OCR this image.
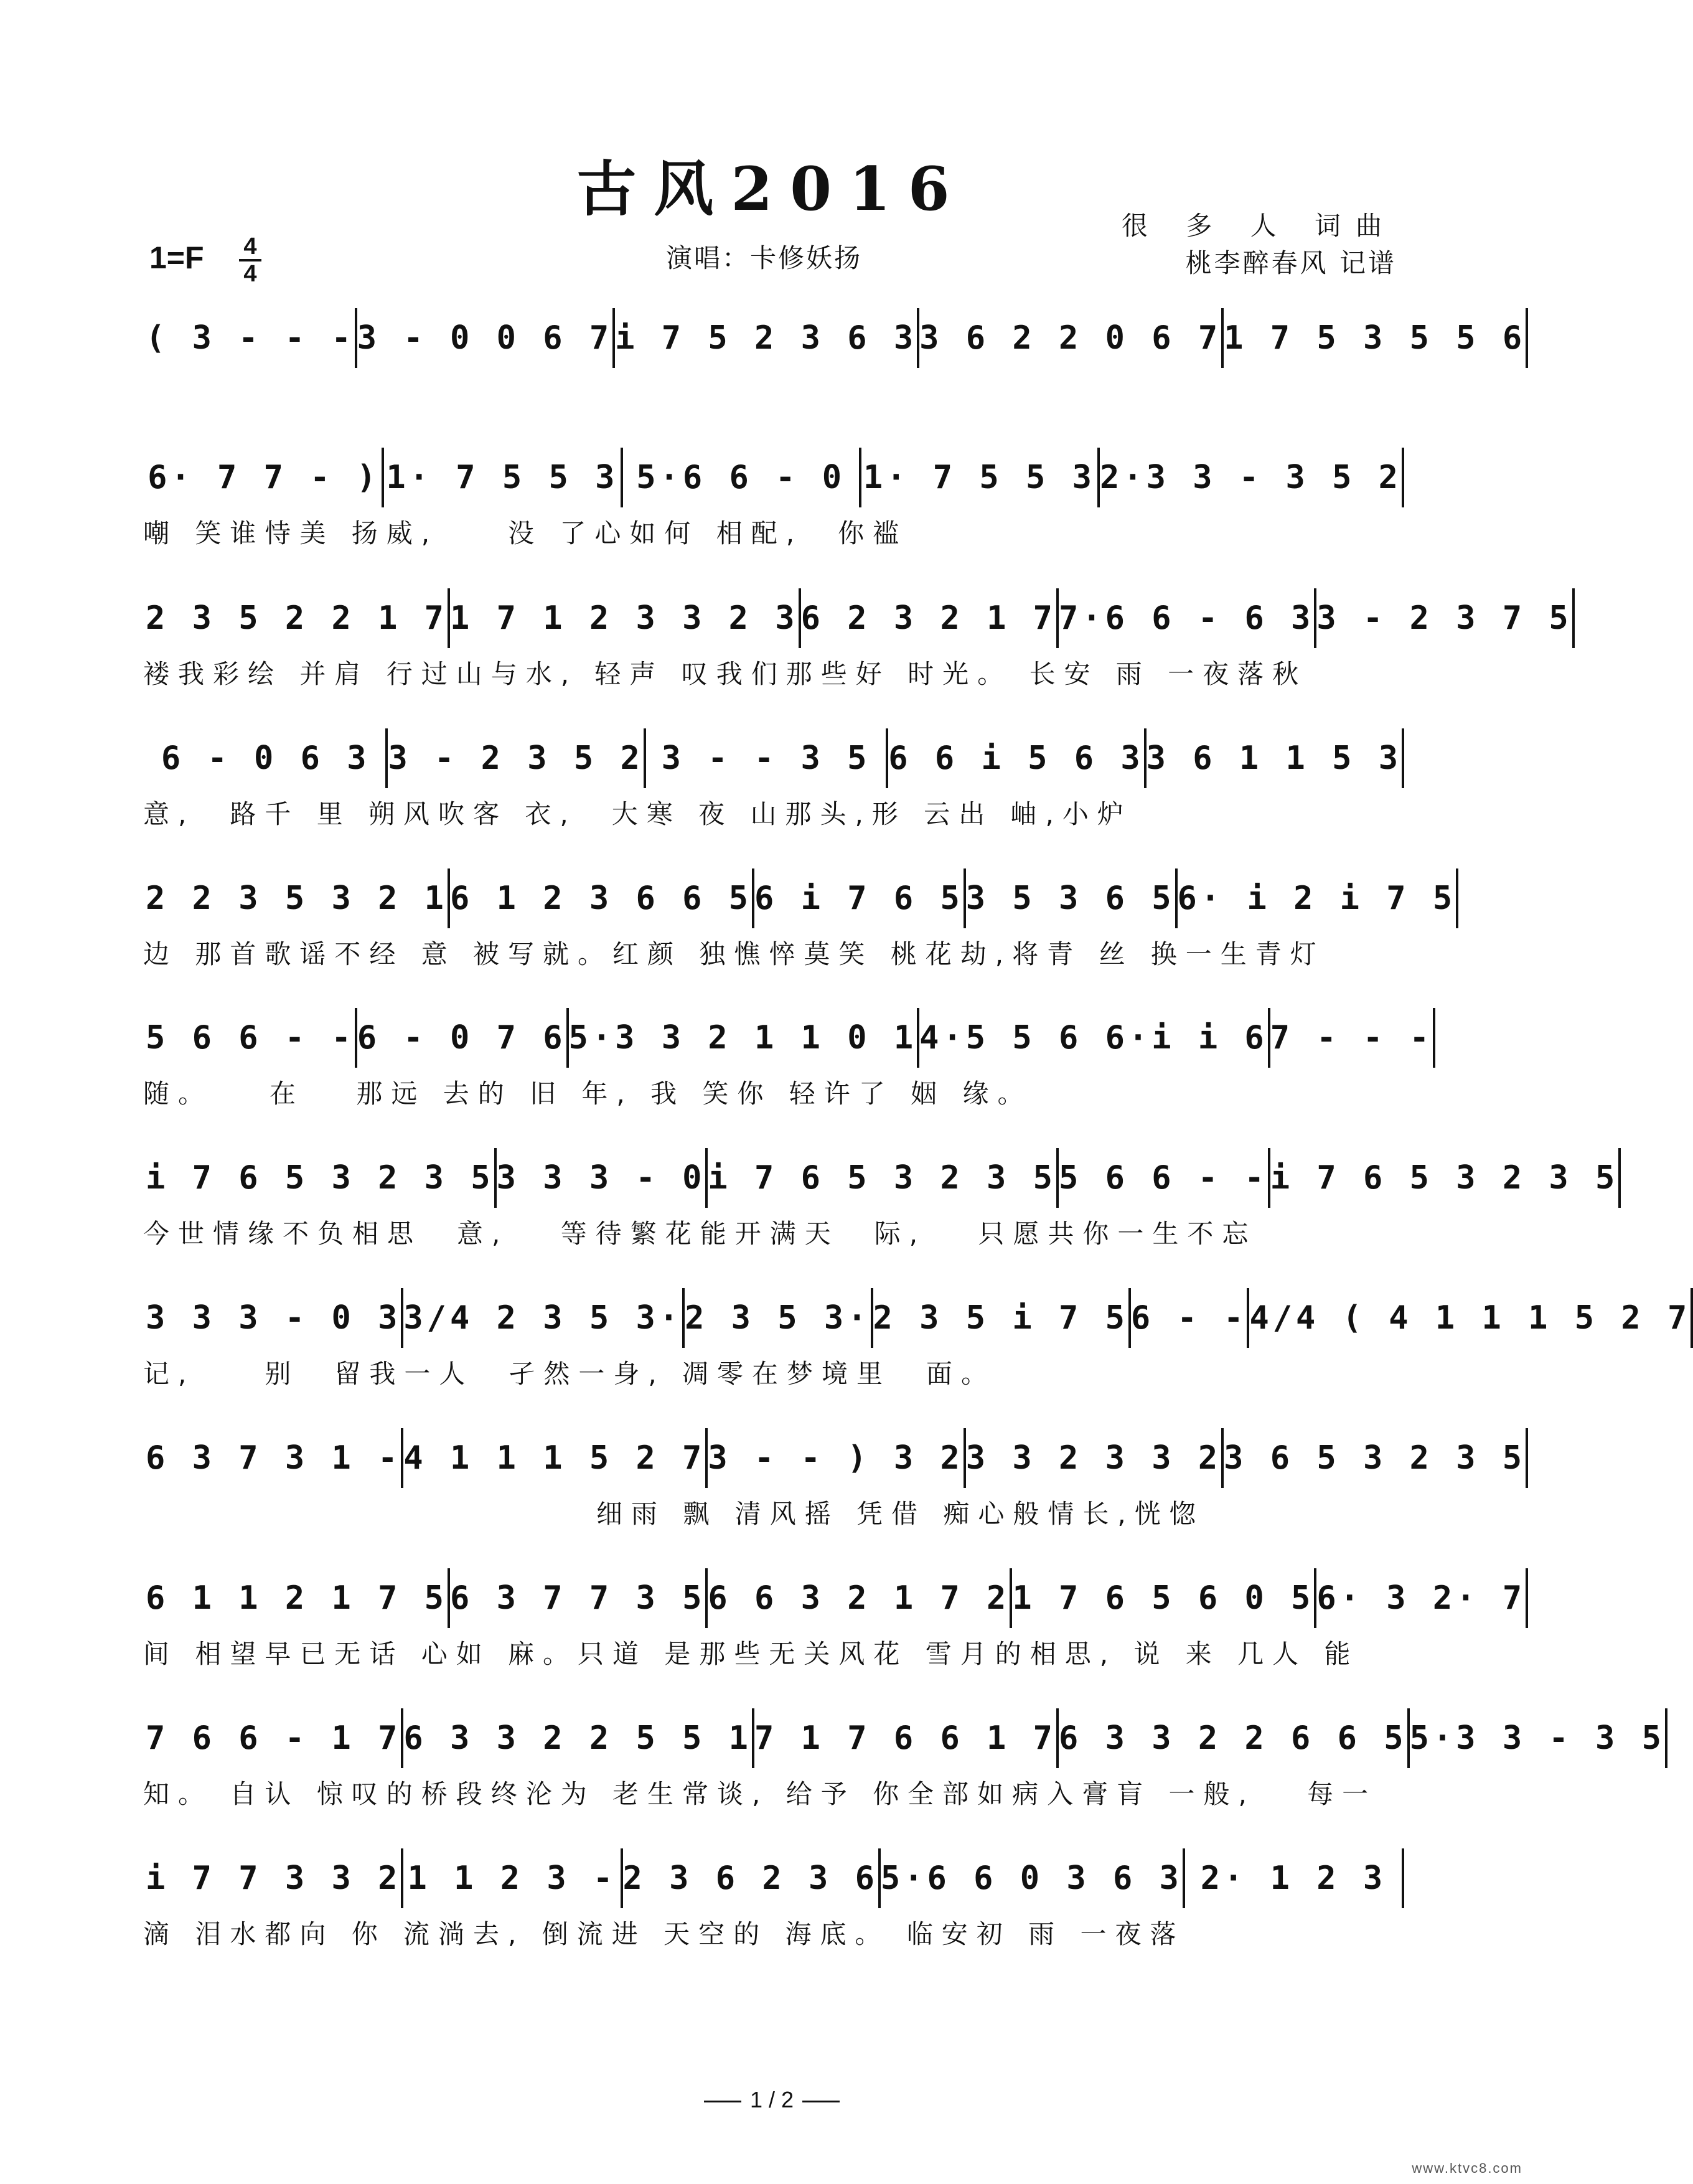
古风2016
1=F 4
4
演唱：卡修妖扬
很 多 人 词曲
桃李醉春风 记谱
( 3 - - - 3 - 0 0 6 7 i 7 5 2 3 6 3 3 6 2 2 0 6 7 1 7 5 3 5 5 6
6· 7 7 - ) 1· 7 5 5 3 5·6 6 - 0 1· 7 5 5 3 2·3 3 - 3 5 2
嘲 笑谁恃美 扬威,　　没 了心如何 相配,　你褴
2 3 5 2 2 1 7 1 7 1 2 3 3 2 3 6 2 3 2 1 7 7·6 6 - 6 3 3 - 2 3 7 5
褛我彩绘 并肩 行过山与水, 轻声 叹我们那些好 时光。 长安 雨 一夜落秋
6 - 0 6 3 3 - 2 3 5 2 3 - - 3 5 6 6 i 5 6 3 3 6 1 1 5 3
意,　路千 里 朔风吹客 衣,　大寒 夜 山那头,形 云出 岫,小炉
2 2 3 5 3 2 1 6 1 2 3 6 6 5 6 i 7 6 5 3 5 3 6 5 6· i 2 i 7 5
边 那首歌谣不经 意 被写就。红颜 独憔悴莫笑 桃花劫,将青 丝 换一生青灯
5 6 6 - - 6 - 0 7 6 5·3 3 2 1 1 0 1 4·5 5 6 6·i i 6 7 - - -
随。　　在　 那远 去的 旧 年, 我 笑你 轻许了 姻 缘。
i 7 6 5 3 2 3 5 3 3 3 - 0 i 7 6 5 3 2 3 5 5 6 6 - - i 7 6 5 3 2 3 5
今世情缘不负相思　意,　 等待繁花能开满天　际,　 只愿共你一生不忘
3 3 3 - 0 3 3/4 2 3 5 3· 2 3 5 3· 2 3 5 i 7 5 6 - - 4/4 ( 4 1 1 1 5 2 7
记,　　别　留我一人　孑然一身, 凋零在梦境里　面。
6 3 7 3 1 - 4 1 1 1 5 2 7 3 - - ) 3 2 3 3 2 3 3 2 3 6 5 3 2 3 5
　　　　　　　　　　　　　细雨 飘 清风摇 凭借 痴心般情长,恍惚
6 1 1 2 1 7 5 6 3 7 7 3 5 6 6 3 2 1 7 2 1 7 6 5 6 0 5 6· 3 2· 7
间 相望早已无话 心如 麻。只道 是那些无关风花 雪月的相思, 说 来 几人 能
7 6 6 - 1 7 6 3 3 2 2 5 5 1 7 1 7 6 6 1 7 6 3 3 2 2 6 6 5 5·3 3 - 3 5
知。 自认 惊叹的桥段终沦为 老生常谈, 给予 你全部如病入膏肓 一般,　 每一
i 7 7 3 3 2 1 1 2 3 - 2 3 6 2 3 6 5·6 6 0 3 6 3 2· 1 2 3
滴 泪水都向 你 流淌去, 倒流进 天空的 海底。 临安初 雨 一夜落
1 / 2
www.ktvc8.com
